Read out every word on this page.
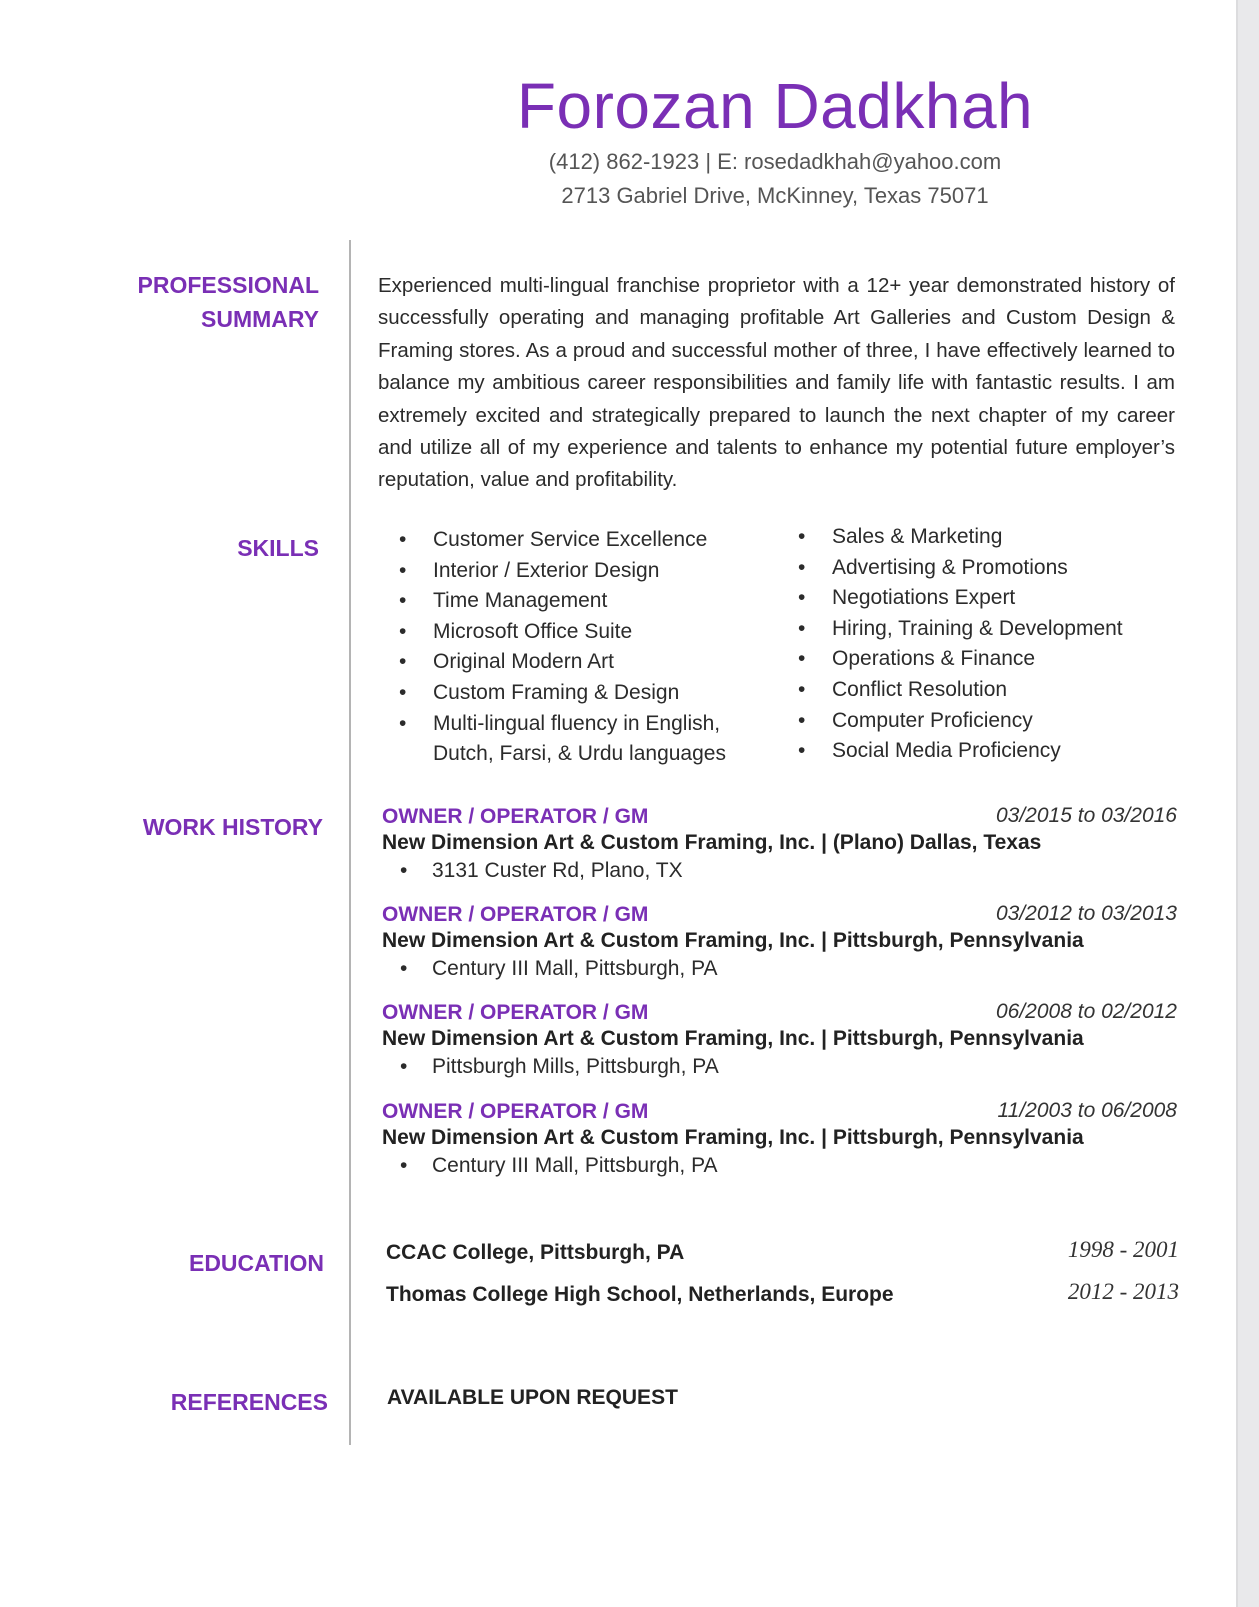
Forozan Dadkhah
(412) 862-1923 | E: rosedadkhah@yahoo.com
2713 Gabriel Drive, McKinney, Texas 75071
PROFESSIONAL
SUMMARY
SKILLS
WORK HISTORY
EDUCATION
REFERENCES
Experienced multi-lingual franchise proprietor with a 12+ year demonstrated history of successfully operating and managing profitable Art Galleries and Custom Design & Framing stores. As a proud and successful mother of three, I have effectively learned to balance my ambitious career responsibilities and family life with fantastic results. I am extremely excited and strategically prepared to launch the next chapter of my career and utilize all of my experience and talents to enhance my potential future employer’s reputation, value and profitability.
• Customer Service Excellence
• Interior / Exterior Design
• Time Management
• Microsoft Office Suite
• Original Modern Art
• Custom Framing & Design
• Multi-lingual fluency in English,
Dutch, Farsi, & Urdu languages
• Sales & Marketing
• Advertising & Promotions
• Negotiations Expert
• Hiring, Training & Development
• Operations & Finance
• Conflict Resolution
• Computer Proficiency
• Social Media Proficiency
OWNER / OPERATOR / GM	03/2015 to 03/2016
New Dimension Art & Custom Framing, Inc. | (Plano) Dallas, Texas
• 3131 Custer Rd, Plano, TX
OWNER / OPERATOR / GM	03/2012 to 03/2013
New Dimension Art & Custom Framing, Inc. | Pittsburgh, Pennsylvania
• Century III Mall, Pittsburgh, PA
OWNER / OPERATOR / GM	06/2008 to 02/2012
New Dimension Art & Custom Framing, Inc. | Pittsburgh, Pennsylvania
• Pittsburgh Mills, Pittsburgh, PA
OWNER / OPERATOR / GM	11/2003 to 06/2008
New Dimension Art & Custom Framing, Inc. | Pittsburgh, Pennsylvania
• Century III Mall, Pittsburgh, PA
CCAC College, Pittsburgh, PA	1998 - 2001
Thomas College High School, Netherlands, Europe	2012 - 2013
AVAILABLE UPON REQUEST
